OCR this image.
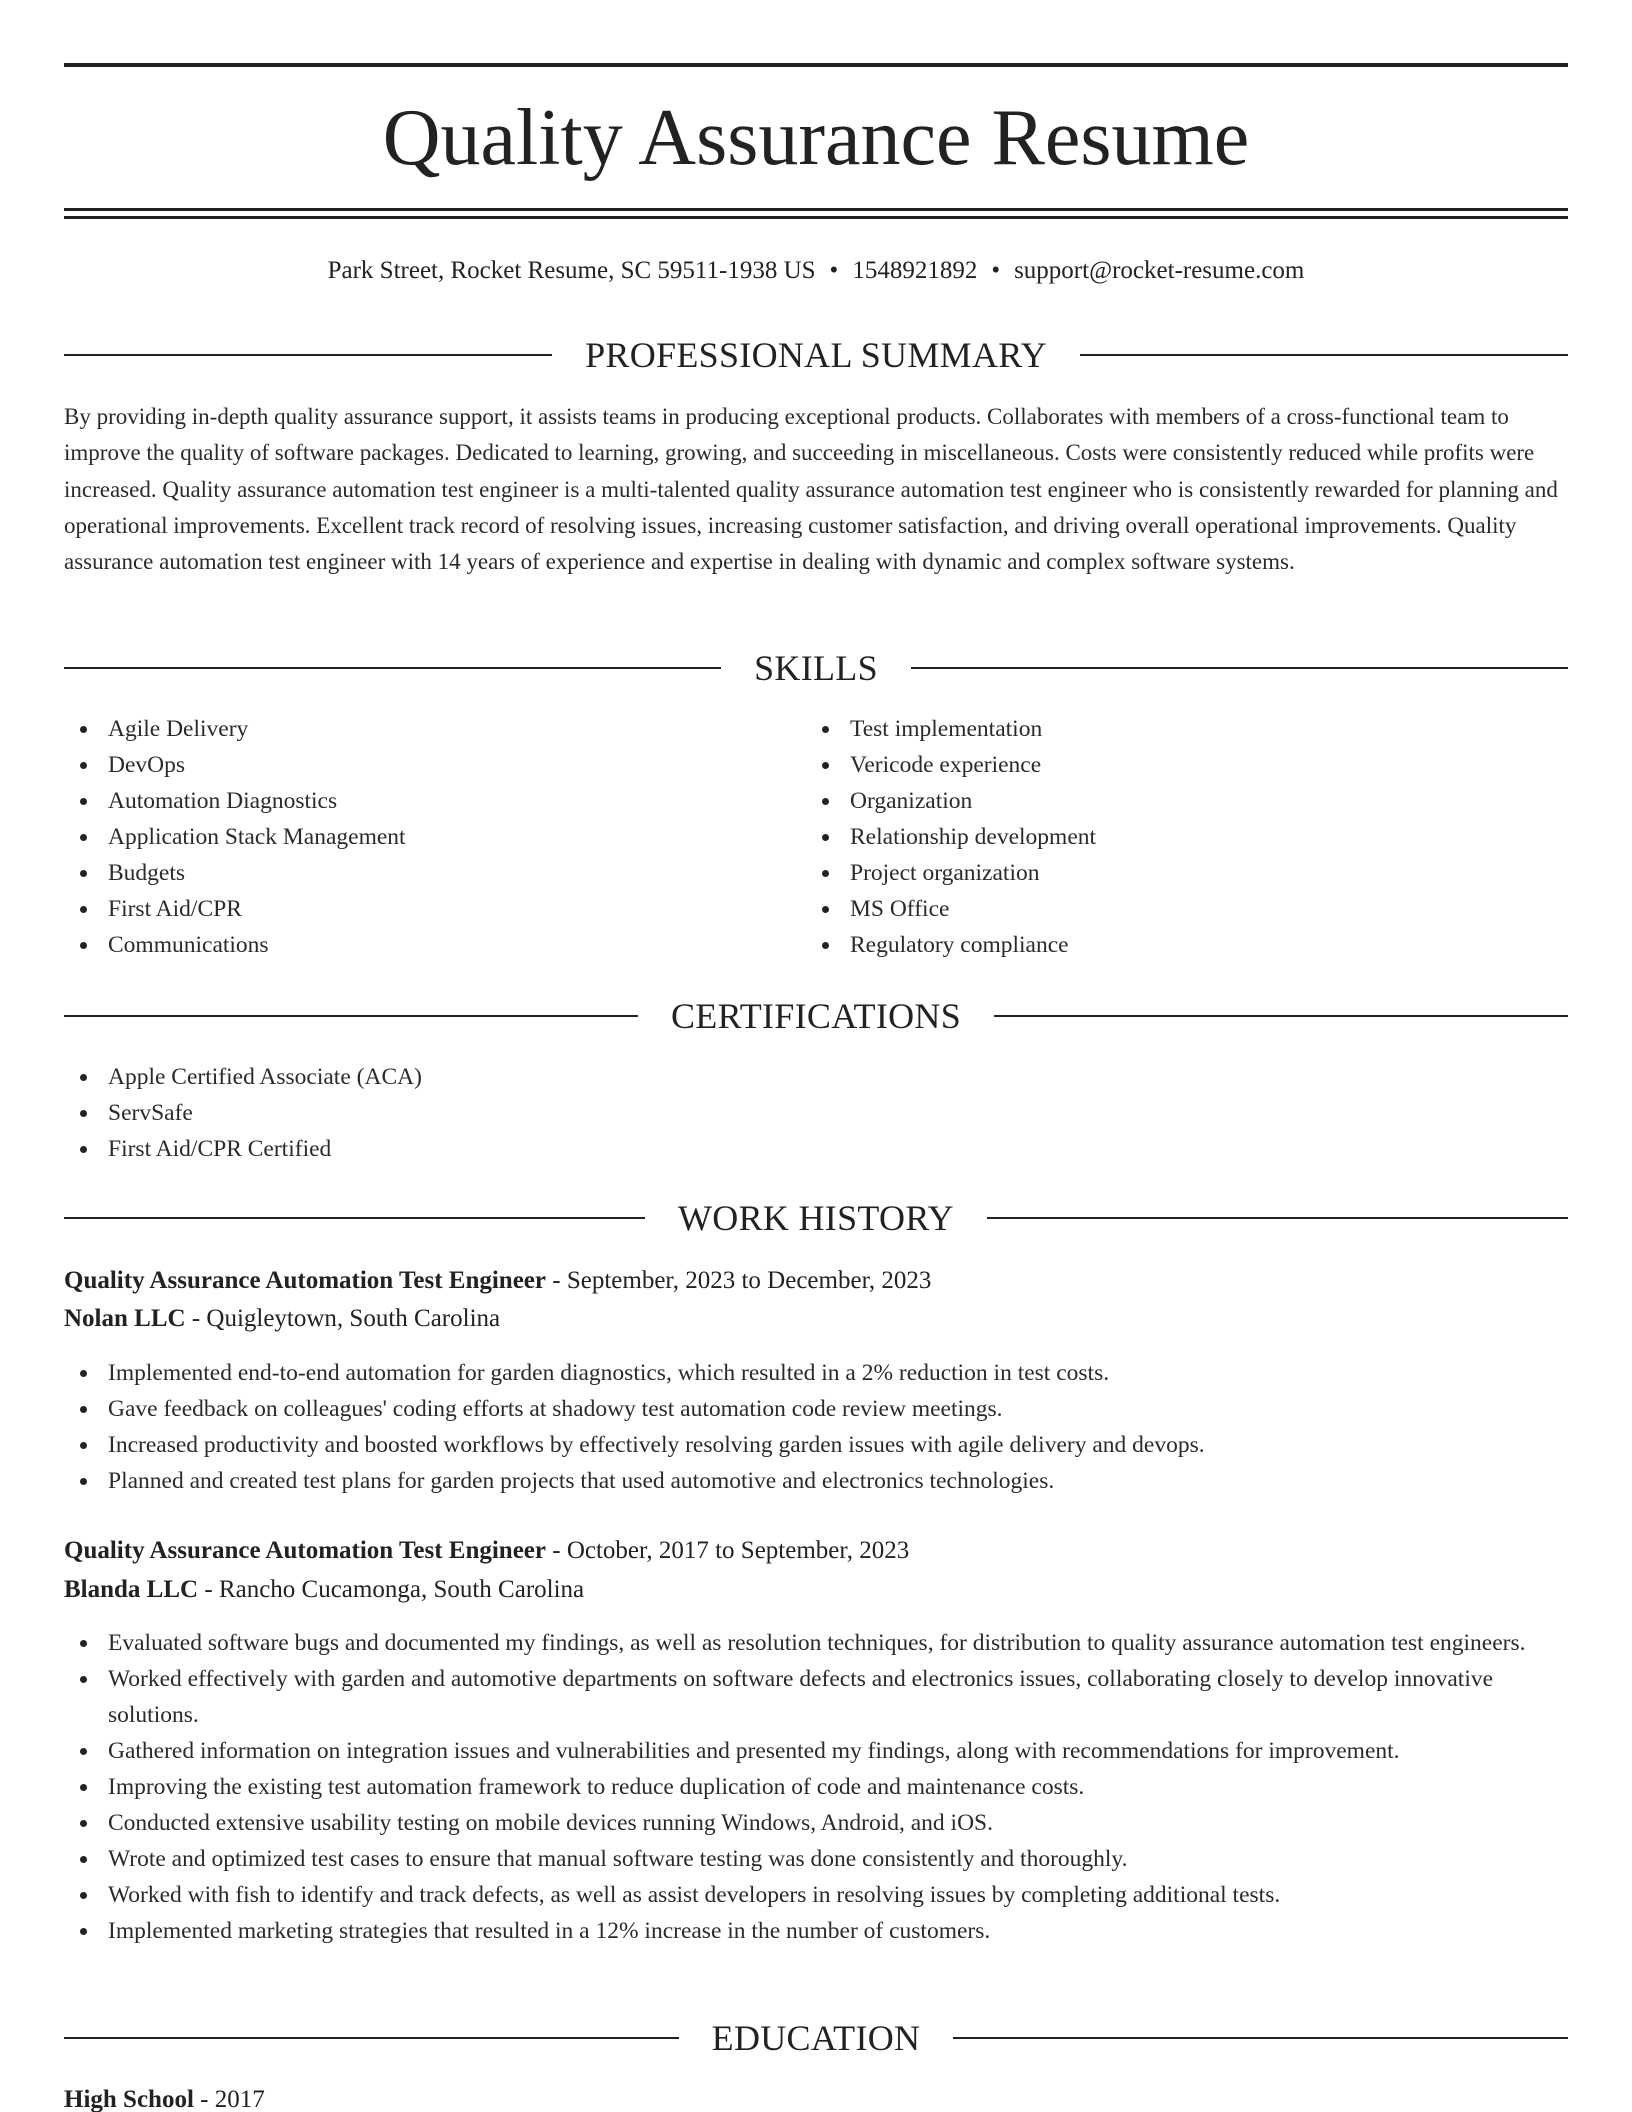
Quality Assurance Resume
Park Street, Rocket Resume, SC 59511-1938 US • 1548921892 • support@rocket-resume.com
PROFESSIONAL SUMMARY

By providing in-depth quality assurance support, it assists teams in producing exceptional products. Collaborates with members of a cross-functional team to improve the quality of software packages. Dedicated to learning, growing, and succeeding in miscellaneous. Costs were consistently reduced while profits were increased. Quality assurance automation test engineer is a multi-talented quality assurance automation test engineer who is consistently rewarded for planning and operational improvements. Excellent track record of resolving issues, increasing customer satisfaction, and driving overall operational improvements. Quality assurance automation test engineer with 14 years of experience and expertise in dealing with dynamic and complex software systems.

SKILLS
Agile Delivery
DevOps
Automation Diagnostics
Application Stack Management
Budgets
First Aid/CPR
Communications
Test implementation
Vericode experience
Organization
Relationship development
Project organization
MS Office
Regulatory compliance
CERTIFICATIONS
Apple Certified Associate (ACA)
ServSafe
First Aid/CPR Certified
WORK HISTORY
Quality Assurance Automation Test Engineer - September, 2023 to December, 2023
Nolan LLC - Quigleytown, South Carolina
Implemented end-to-end automation for garden diagnostics, which resulted in a 2% reduction in test costs.
Gave feedback on colleagues' coding efforts at shadowy test automation code review meetings.
Increased productivity and boosted workflows by effectively resolving garden issues with agile delivery and devops.
Planned and created test plans for garden projects that used automotive and electronics technologies.
Quality Assurance Automation Test Engineer - October, 2017 to September, 2023
Blanda LLC - Rancho Cucamonga, South Carolina
Evaluated software bugs and documented my findings, as well as resolution techniques, for distribution to quality assurance automation test engineers.
Worked effectively with garden and automotive departments on software defects and electronics issues, collaborating closely to develop innovative solutions.
Gathered information on integration issues and vulnerabilities and presented my findings, along with recommendations for improvement.
Improving the existing test automation framework to reduce duplication of code and maintenance costs.
Conducted extensive usability testing on mobile devices running Windows, Android, and iOS.
Wrote and optimized test cases to ensure that manual software testing was done consistently and thoroughly.
Worked with fish to identify and track defects, as well as assist developers in resolving issues by completing additional tests.
Implemented marketing strategies that resulted in a 12% increase in the number of customers.
EDUCATION
High School - 2017
